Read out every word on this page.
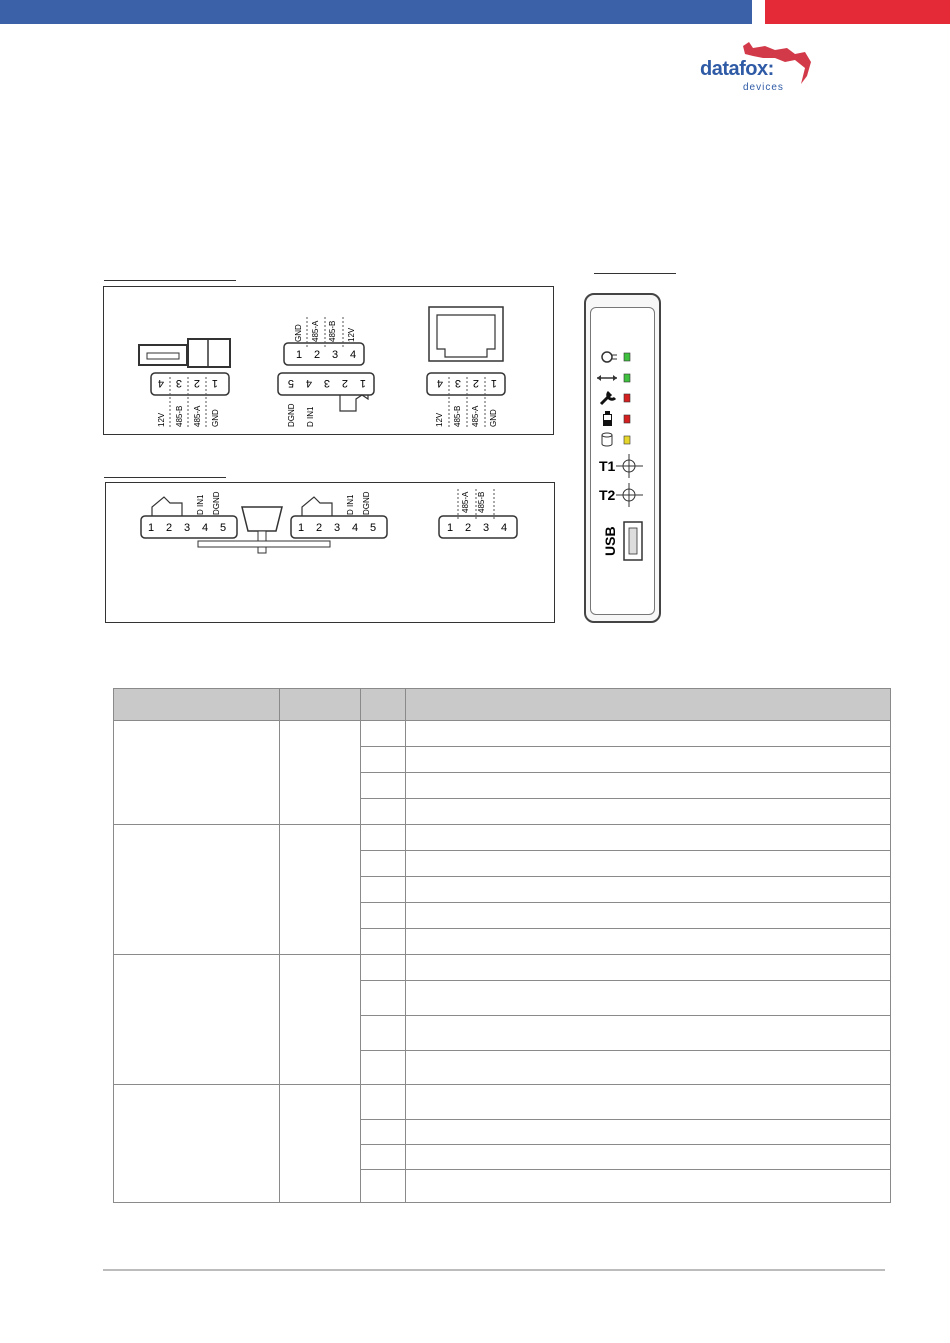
datafox:
devices
4 3 2 1
12V 485-B 485-A GND
1 2 3 4
GND 485-A 485-B 12V
5 4 3 2 1
DGND D IN1
4 3 2 1
12V 485-B 485-A GND
1 2 3 4 5
D IN1 DGND
1 2 3 4 5
D IN1 DGND
1 2 3 4
485-A 485-B
T1
T2
USB
